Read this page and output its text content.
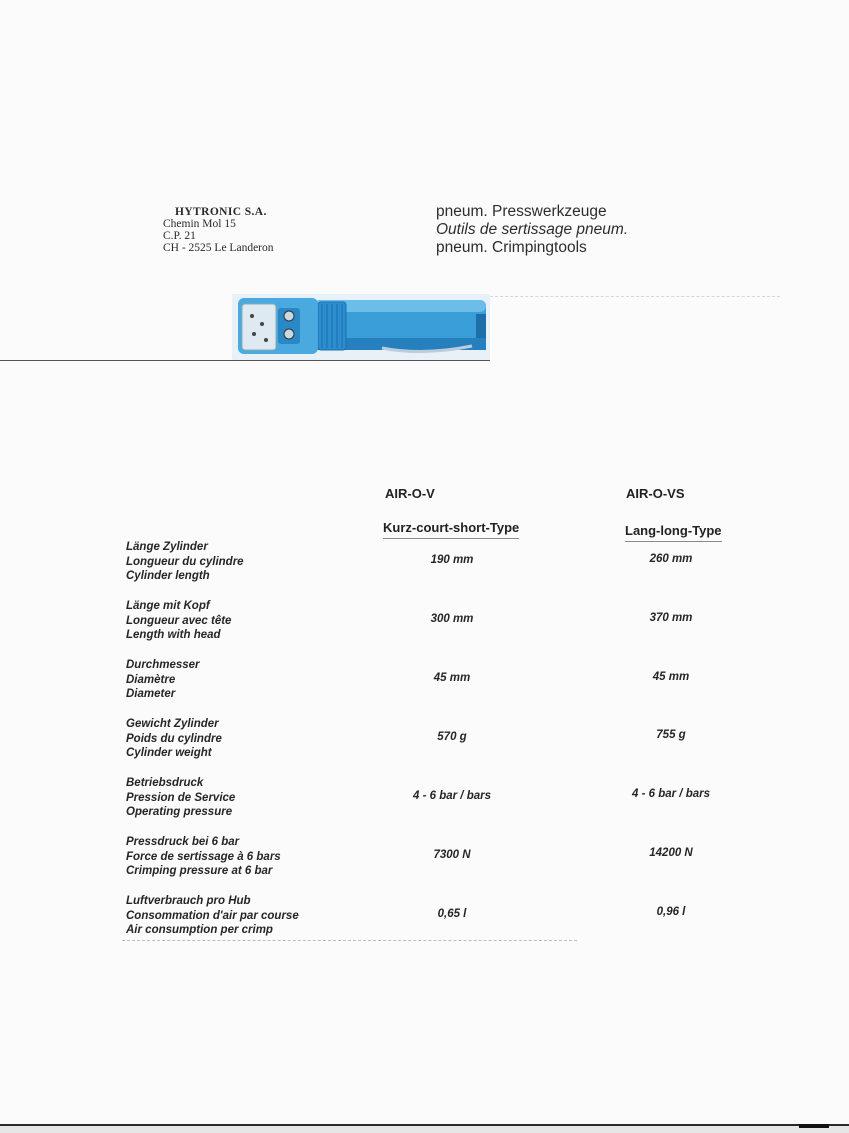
HYTRONIC S.A.
Chemin Mol 15
C.P. 21
CH - 2525 Le Landeron
pneum. Presswerkzeuge
Outils de sertissage pneum.
pneum. Crimpingtools
AIR-O-V	AIR-O-VS
Kurz-court-short-Type	Lang-long-Type
Länge Zylinder
Longueur du cylindre
Cylinder length
190 mm	260 mm
Länge mit Kopf
Longueur avec tête
Length with head
300 mm	370 mm
Durchmesser
Diamètre
Diameter
45 mm	45 mm
Gewicht Zylinder
Poids du cylindre
Cylinder weight
570 g	755 g
Betriebsdruck
Pression de Service
Operating pressure
4 - 6 bar / bars	4 - 6 bar / bars
Pressdruck bei 6 bar
Force de sertissage à 6 bars
Crimping pressure at 6 bar
7300 N	14200 N
Luftverbrauch pro Hub
Consommation d'air par course
Air consumption per crimp
0,65 l	0,96 l
